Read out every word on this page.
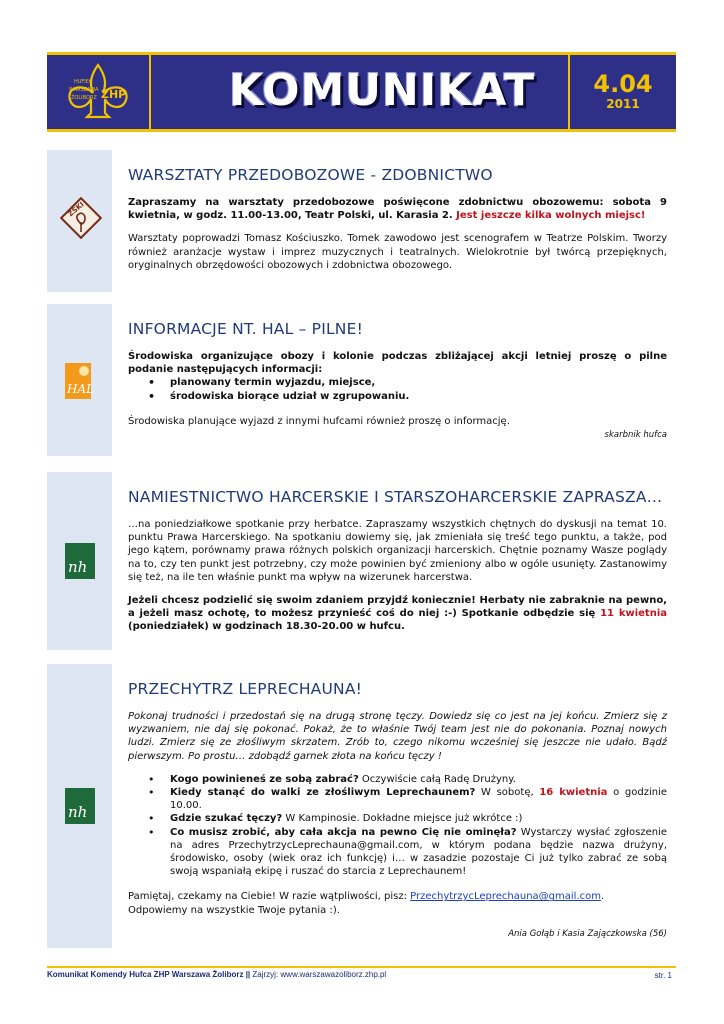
HUFIEC
WARSZAWA
ŻOLIBORZ ZHP	KOMUNIKAT	4.04
2011
ZSKI
WARSZTATY PRZEDOBOZOWE - ZDOBNICTWO
Zapraszamy na warsztaty przedobozowe poświęcone zdobnictwu obozowemu: sobota 9 kwietnia, w godz. 11.00-13.00, Teatr Polski, ul. Karasia 2. Jest jeszcze kilka wolnych miejsc!
Warsztaty poprowadzi Tomasz Kościuszko. Tomek zawodowo jest scenografem w Teatrze Polskim. Tworzy również aranżacje wystaw i imprez muzycznych i teatralnych. Wielokrotnie był twórcą przepięknych, oryginalnych obrzędowości obozowych i zdobnictwa obozowego.
HAL
INFORMACJE NT. HAL – PILNE!
Środowiska organizujące obozy i kolonie podczas zbliżającej akcji letniej proszę o pilne podanie następujących informacji:
• planowany termin wyjazdu, miejsce,
• środowiska biorące udział w zgrupowaniu.
Środowiska planujące wyjazd z innymi hufcami również proszę o informację.
skarbnik hufca
nh
NAMIESTNICTWO HARCERSKIE I STARSZOHARCERSKIE ZAPRASZA…
…na poniedziałkowe spotkanie przy herbatce. Zapraszamy wszystkich chętnych do dyskusji na temat 10. punktu Prawa Harcerskiego. Na spotkaniu dowiemy się, jak zmieniała się treść tego punktu, a także, pod jego kątem, porównamy prawa różnych polskich organizacji harcerskich. Chętnie poznamy Wasze poglądy na to, czy ten punkt jest potrzebny, czy może powinien być zmieniony albo w ogóle usunięty. Zastanowimy się też, na ile ten właśnie punkt ma wpływ na wizerunek harcerstwa.
Jeżeli chcesz podzielić się swoim zdaniem przyjdź koniecznie! Herbaty nie zabraknie na pewno, a jeżeli masz ochotę, to możesz przynieść coś do niej :-) Spotkanie odbędzie się 11 kwietnia (poniedziałek) w godzinach 18.30-20.00 w hufcu.
nh
PRZECHYTRZ LEPRECHAUNA!
Pokonaj trudności i przedostań się na drugą stronę tęczy. Dowiedz się co jest na jej końcu. Zmierz się z wyzwaniem, nie daj się pokonać. Pokaż, że to właśnie Twój team jest nie do pokonania. Poznaj nowych ludzi. Zmierz się ze złośliwym skrzatem. Zrób to, czego nikomu wcześniej się jeszcze nie udało. Bądź pierwszym. Po prostu… zdobądź garnek złota na końcu tęczy !
• Kogo powinieneś ze sobą zabrać? Oczywiście całą Radę Drużyny.
• Kiedy stanąć do walki ze złośliwym Leprechaunem? W sobotę, 16 kwietnia o godzinie 10.00.
• Gdzie szukać tęczy? W Kampinosie. Dokładne miejsce już wkrótce :)
• Co musisz zrobić, aby cała akcja na pewno Cię nie ominęła? Wystarczy wysłać zgłoszenie na adres PrzechytrzycLeprechauna@gmail.com, w którym podana będzie nazwa drużyny, środowisko, osoby (wiek oraz ich funkcję) i… w zasadzie pozostaje Ci już tylko zabrać ze sobą swoją wspaniałą ekipę i ruszać do starcia z Leprechaunem!
Pamiętaj, czekamy na Ciebie! W razie wątpliwości, pisz: PrzechytrzycLeprechauna@gmail.com.
Odpowiemy na wszystkie Twoje pytania :).
Ania Gołąb i Kasia Zajączkowska (56)
Komunikat Komendy Hufca ZHP Warszawa Żoliborz || Zajrzyj: www.warszawazoliborz.zhp.pl	str. 1
